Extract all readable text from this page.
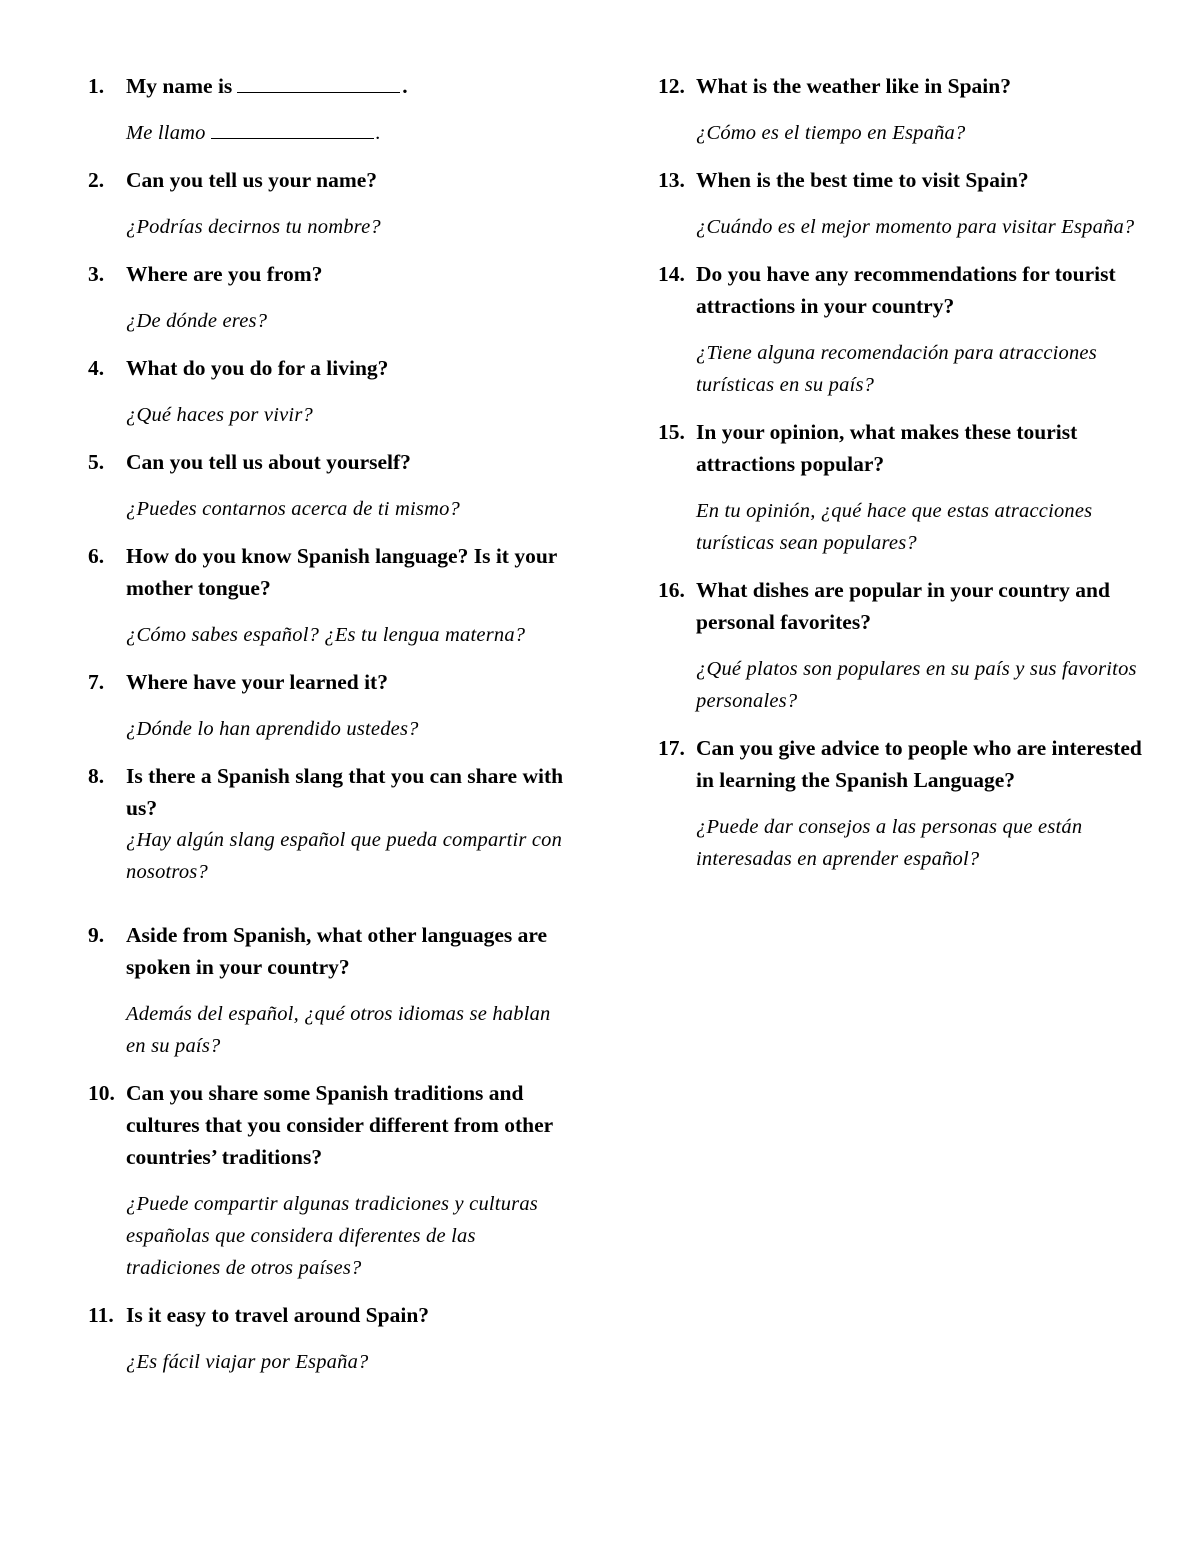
1. My name is	.
Me llamo	.
2. Can you tell us your name?
¿Podrías decirnos tu nombre?
3. Where are you from?
¿De dónde eres?
4. What do you do for a living?
¿Qué haces por vivir?
5. Can you tell us about yourself?
¿Puedes contarnos acerca de ti mismo?
6. How do you know Spanish language? Is it your mother tongue?
¿Cómo sabes español? ¿Es tu lengua materna?
7. Where have your learned it?
¿Dónde lo han aprendido ustedes?
8. Is there a Spanish slang that you can share with us?
¿Hay algún slang español que pueda compartir con nosotros?
9. Aside from Spanish, what other languages are spoken in your country?
Además del español, ¿qué otros idiomas se hablan en su país?
10. Can you share some Spanish traditions and cultures that you consider different from other countries’ traditions?
¿Puede compartir algunas tradiciones y culturas españolas que considera diferentes de las tradiciones de otros países?
11. Is it easy to travel around Spain?
¿Es fácil viajar por España?
12. What is the weather like in Spain?
¿Cómo es el tiempo en España?
13. When is the best time to visit Spain?
¿Cuándo es el mejor momento para visitar España?
14. Do you have any recommendations for tourist attractions in your country?
¿Tiene alguna recomendación para atracciones turísticas en su país?
15. In your opinion, what makes these tourist attractions popular?
En tu opinión, ¿qué hace que estas atracciones turísticas sean populares?
16. What dishes are popular in your country and personal favorites?
¿Qué platos son populares en su país y sus favoritos personales?
17. Can you give advice to people who are interested in learning the Spanish Language?
¿Puede dar consejos a las personas que están interesadas en aprender español?
